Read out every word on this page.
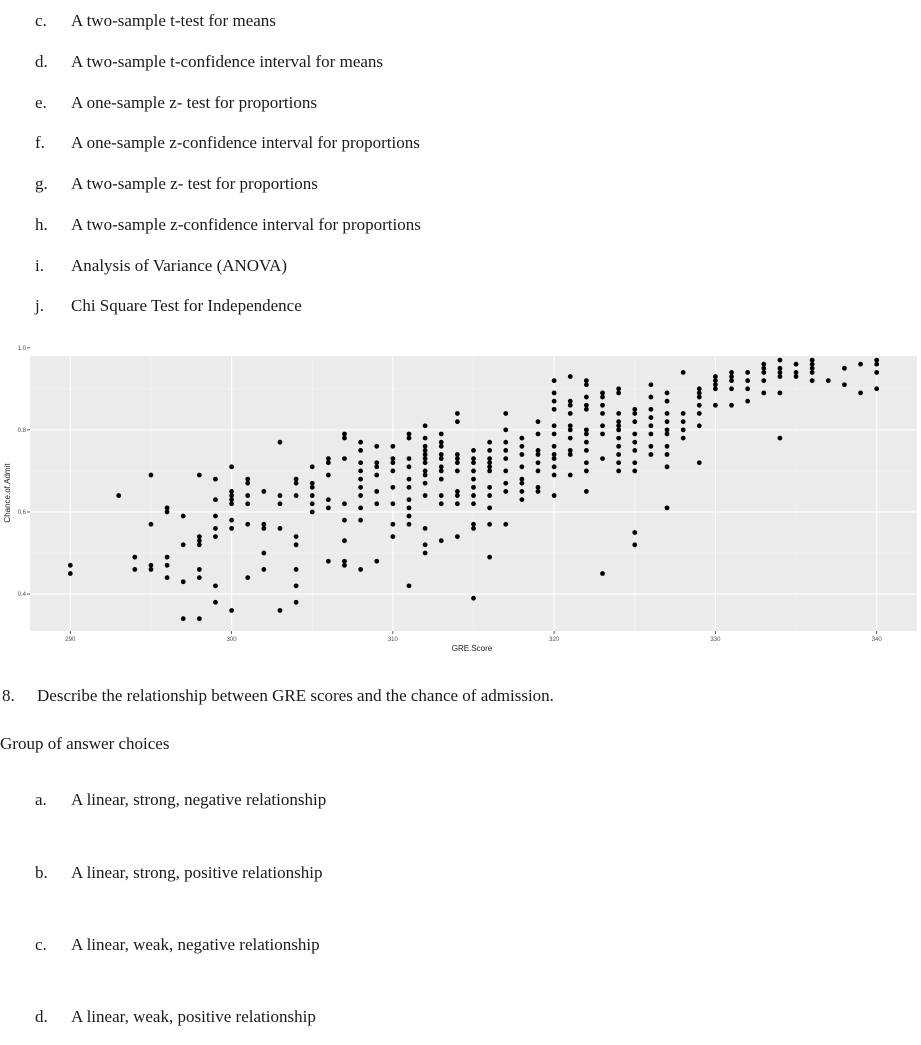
c. A two-sample t-test for means
d. A two-sample t-confidence interval for means
e. A one-sample z- test for proportions
f. A one-sample z-confidence interval for proportions
g. A two-sample z- test for proportions
h. A two-sample z-confidence interval for proportions
i. Analysis of Variance (ANOVA)
j. Chi Square Test for Independence
290	300	310	320	330	340
0.4
0.6
0.8
1.0
GRE.Score
Chance.of.Admit
8. Describe the relationship between GRE scores and the chance of admission.
Group of answer choices
a. A linear, strong, negative relationship
b. A linear, strong, positive relationship
c. A linear, weak, negative relationship
d. A linear, weak, positive relationship
